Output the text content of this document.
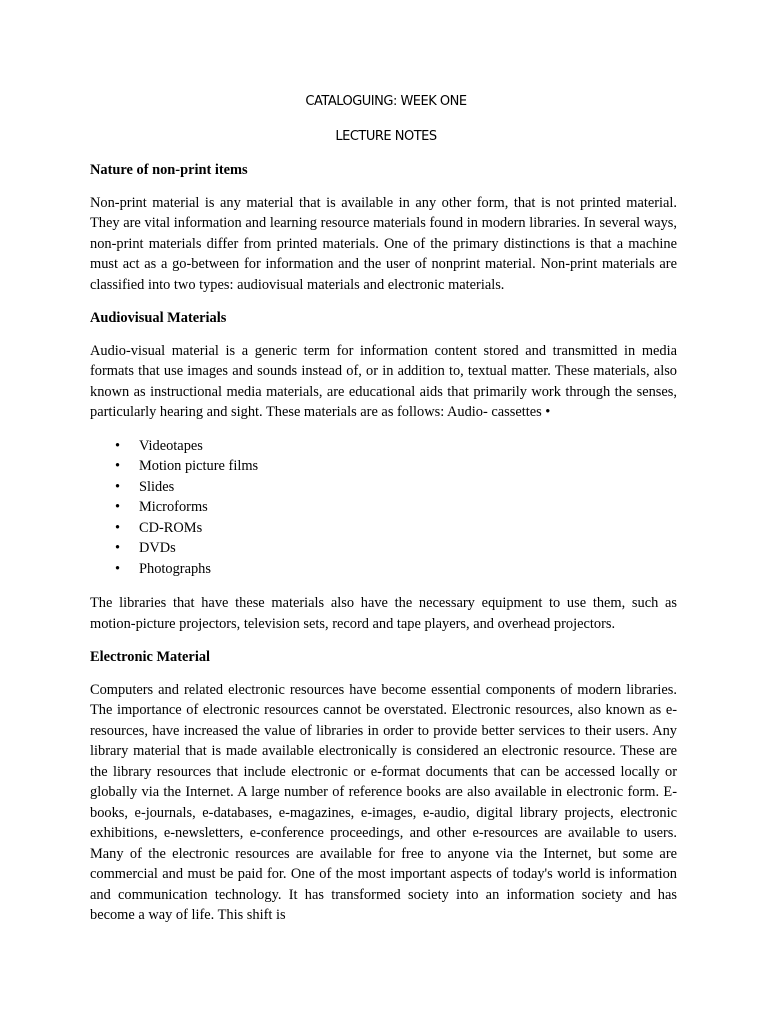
CATALOGUING: WEEK ONE
LECTURE NOTES
Nature of non-print items

Non-print material is any material that is available in any other form, that is not printed material. They are vital information and learning resource materials found in modern libraries. In several ways, non-print materials differ from printed materials. One of the primary distinctions is that a machine must act as a go-between for information and the user of nonprint material. Non-print materials are classified into two types: audiovisual materials and electronic materials.

Audiovisual Materials

Audio-visual material is a generic term for information content stored and transmitted in media formats that use images and sounds instead of, or in addition to, textual matter. These materials, also known as instructional media materials, are educational aids that primarily work through the senses, particularly hearing and sight. These materials are as follows: Audio- cassettes •

• Videotapes
• Motion picture films
• Slides
• Microforms
• CD-ROMs
• DVDs
• Photographs

The libraries that have these materials also have the necessary equipment to use them, such as motion-picture projectors, television sets, record and tape players, and overhead projectors.

Electronic Material

Computers and related electronic resources have become essential components of modern libraries. The importance of electronic resources cannot be overstated. Electronic resources, also known as e-resources, have increased the value of libraries in order to provide better services to their users. Any library material that is made available electronically is considered an electronic resource. These are the library resources that include electronic or e-format documents that can be accessed locally or globally via the Internet. A large number of reference books are also available in electronic form. E-books, e-journals, e-databases, e-magazines, e-images, e-audio, digital library projects, electronic exhibitions, e-newsletters, e-conference proceedings, and other e-resources are available to users. Many of the electronic resources are available for free to anyone via the Internet, but some are commercial and must be paid for. One of the most important aspects of today's world is information and communication technology. It has transformed society into an information society and has become a way of life. This shift is
